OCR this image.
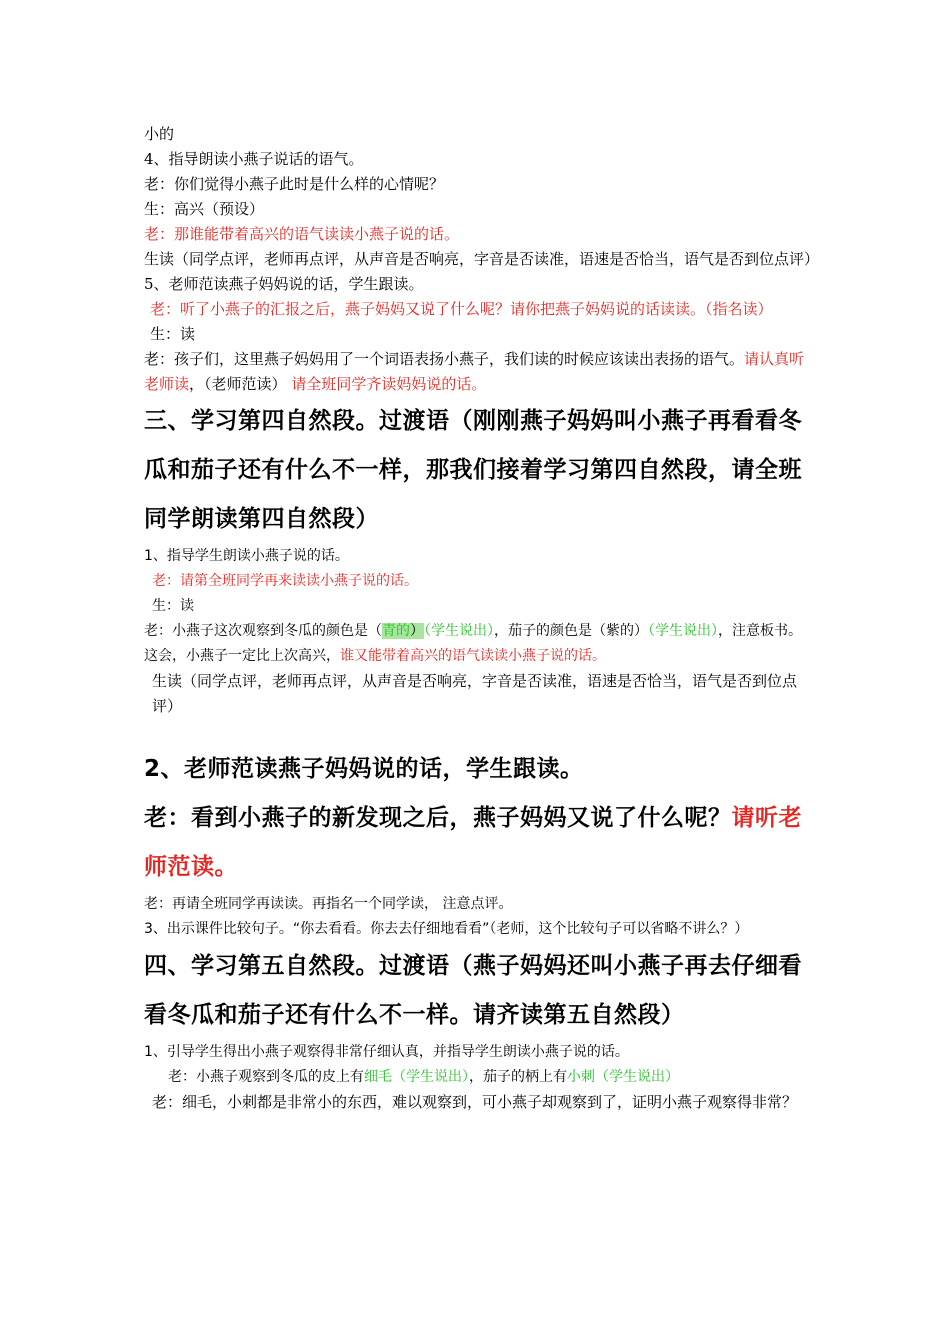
小的

4、指导朗读小燕子说话的语气。

老：你们觉得小燕子此时是什么样的心情呢？

生：高兴（预设）

老：那谁能带着高兴的语气读读小燕子说的话。

生读（同学点评，老师再点评，从声音是否响亮，字音是否读准，语速是否恰当，语气是否到位点评）

5、老师范读燕子妈妈说的话，学生跟读。

老：听了小燕子的汇报之后，燕子妈妈又说了什么呢？请你把燕子妈妈说的话读读。（指名读）

生：读

老：孩子们，这里燕子妈妈用了一个词语表扬小燕子，我们读的时候应该读出表扬的语气。请认真听老师读，（老师范读） 请全班同学齐读妈妈说的话。

三、学习第四自然段。过渡语（刚刚燕子妈妈叫小燕子再看看冬瓜和茄子还有什么不一样，那我们接着学习第四自然段，请全班同学朗读第四自然段）

1、指导学生朗读小燕子说的话。

老：请第全班同学再来读读小燕子说的话。

生：读

老：小燕子这次观察到冬瓜的颜色是（青的）（学生说出），茄子的颜色是（紫的）（学生说出），注意板书。这会，小燕子一定比上次高兴，谁又能带着高兴的语气读读小燕子说的话。

生读（同学点评，老师再点评，从声音是否响亮，字音是否读准，语速是否恰当，语气是否到位点评）

2、老师范读燕子妈妈说的话，学生跟读。

老：看到小燕子的新发现之后，燕子妈妈又说了什么呢？请听老师范读。

老：再请全班同学再读读。再指名一个同学读， 注意点评。

3、出示课件比较句子。“你去看看。你去去仔细地看看”（老师，这个比较句子可以省略不讲么？）

四、学习第五自然段。过渡语（燕子妈妈还叫小燕子再去仔细看看冬瓜和茄子还有什么不一样。请齐读第五自然段）

1、引导学生得出小燕子观察得非常仔细认真，并指导学生朗读小燕子说的话。

老：小燕子观察到冬瓜的皮上有细毛（学生说出），茄子的柄上有小刺（学生说出）

老：细毛，小刺都是非常小的东西，难以观察到，可小燕子却观察到了，证明小燕子观察得非常？
